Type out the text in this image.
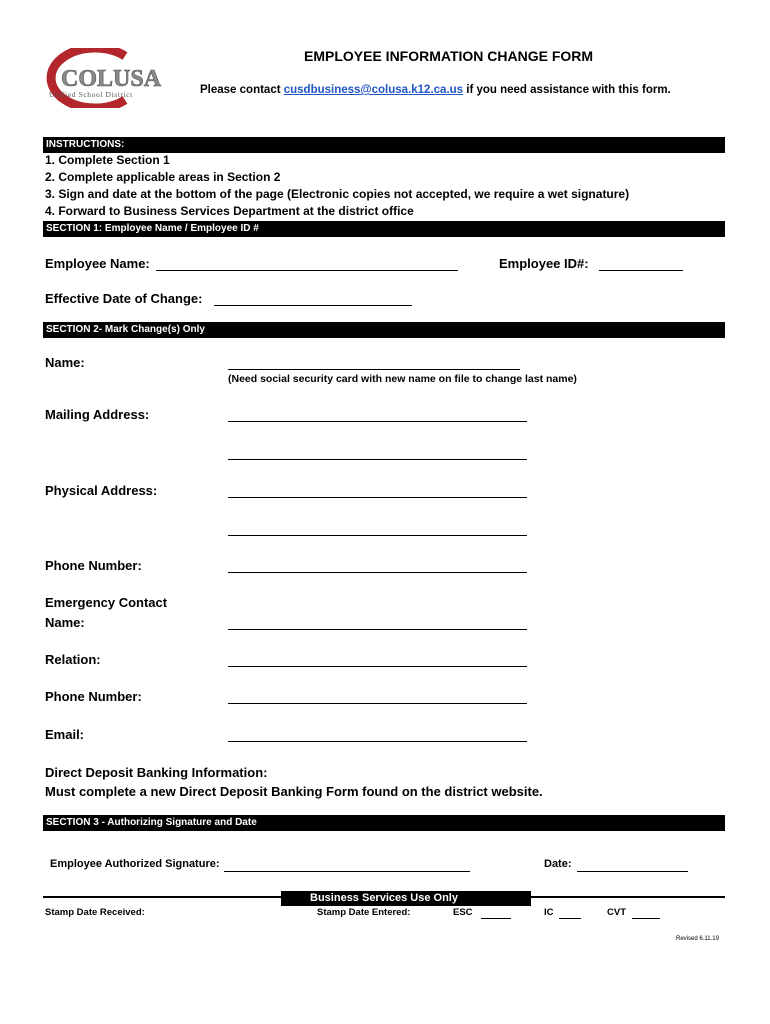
COLUSA
Unified School District
EMPLOYEE INFORMATION CHANGE FORM
Please contact cusdbusiness@colusa.k12.ca.us if you need assistance with this form.
INSTRUCTIONS:
1. Complete Section 1
2. Complete applicable areas in Section 2
3. Sign and date at the bottom of the page (Electronic copies not accepted, we require a wet signature)
4. Forward to Business Services Department at the district office
SECTION 1: Employee Name / Employee ID #
Employee Name:	Employee ID#:
Effective Date of Change:
SECTION 2- Mark Change(s) Only
Name:
(Need social security card with new name on file to change last name)
Mailing Address:
Physical Address:
Phone Number:
Emergency Contact
Name:
Relation:
Phone Number:
Email:
Direct Deposit Banking Information:
Must complete a new Direct Deposit Banking Form found on the district website.
SECTION 3 - Authorizing Signature and Date
Employee Authorized Signature:	Date:
Business Services Use Only
Stamp Date Received:	Stamp Date Entered:	ESC	IC	CVT
Revised 6.11.19
